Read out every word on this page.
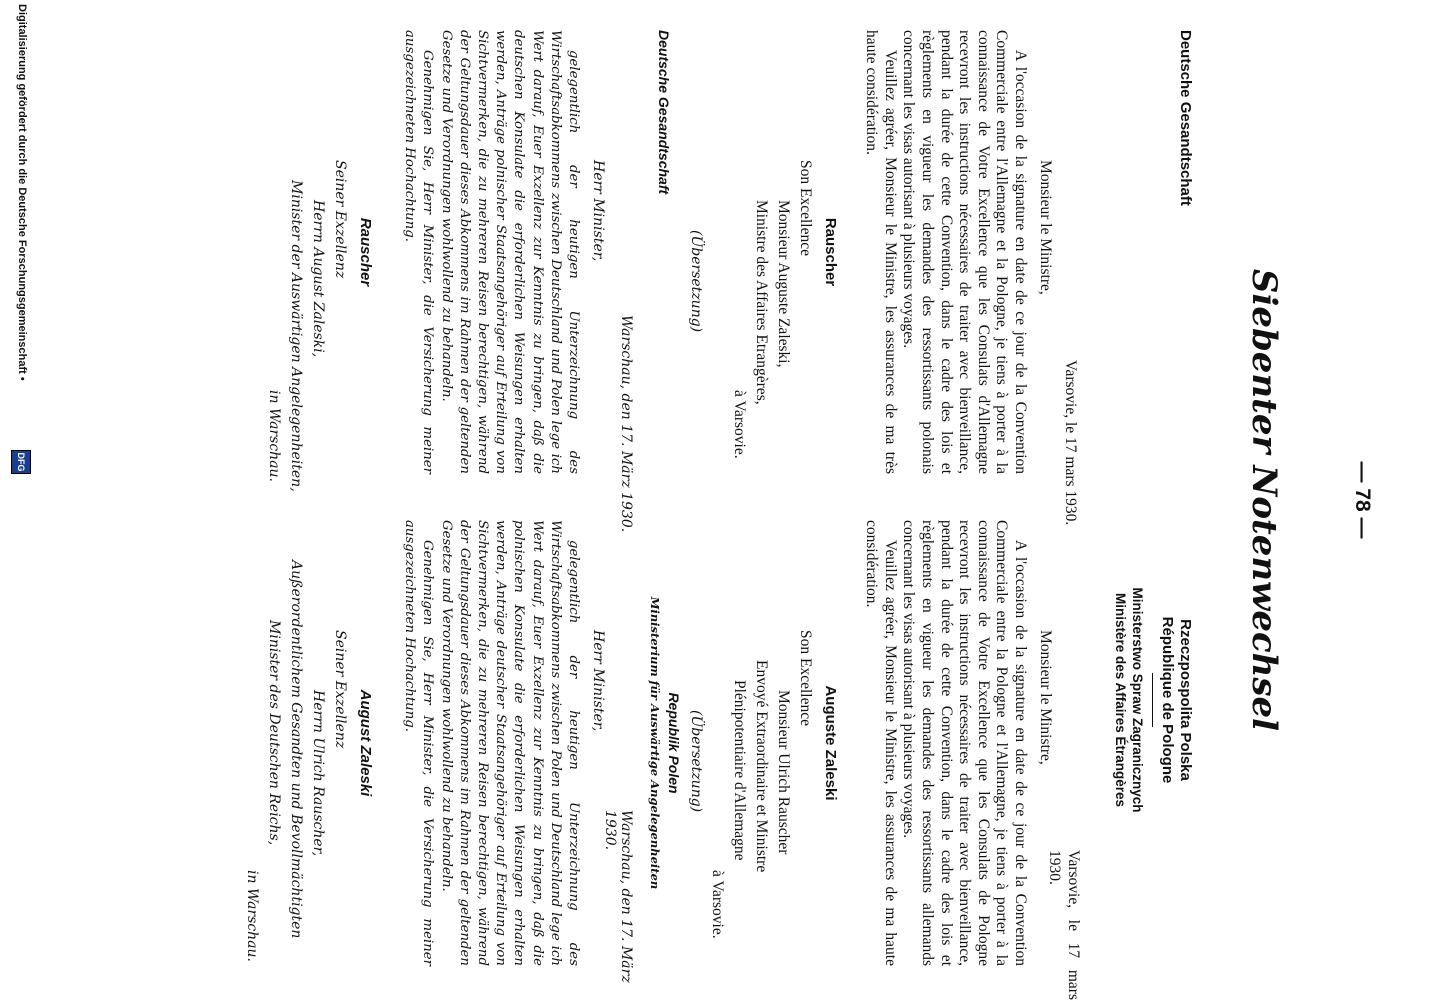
— 78 —
Siebenter Notenwechsel
Deutsche Gesandtschaft
Varsovie, le 17 mars 1930.
Monsieur le Ministre,

A l'occasion de la signature en date de ce jour de la Convention Commerciale entre l'Allemagne et la Pologne, je tiens à porter à la connaissance de Votre Excellence que les Consulats d'Allemagne recevront les instructions nécessaires de traiter avec bienveillance, pendant la durée de cette Convention, dans le cadre des lois et règlements en vigueur les demandes des ressortissants polonais concernant les visas autorisant à plusieurs voyages.

Veuillez agréer, Monsieur le Ministre, les assurances de ma très haute considération.

Rauscher
Son Excellence
Monsieur Auguste Zaleski,
Ministre des Affaires Etrangères,
à Varsovie.
(Übersetzung)
Deutsche Gesandtschaft
Warschau, den 17. März 1930.
Herr Minister,

gelegentlich der heutigen Unterzeichnung des Wirtschaftsabkommens zwischen Deutschland und Polen lege ich Wert darauf, Euer Exzellenz zur Kenntnis zu bringen, daß die deutschen Konsulate die erforderlichen Weisungen erhalten werden, Anträge polnischer Staatsangehöriger auf Erteilung von Sichtvermerken, die zu mehreren Reisen berechtigen, während der Geltungsdauer dieses Abkommens im Rahmen der geltenden Gesetze und Verordnungen wohlwollend zu behandeln.

Genehmigen Sie, Herr Minister, die Versicherung meiner ausgezeichneten Hochachtung.

Rauscher
Seiner Exzellenz
Herrn August Zaleski,
Minister der Auswärtigen Angelegenheiten,
in Warschau.
Rzeczpospolita Polska
République de Pologne
Ministerstwo Spraw Zagranicznych
Ministère des Affaires Étrangères
Varsovie, le 17 mars 1930.
Monsieur le Ministre,

A l'occasion de la signature en date de ce jour de la Convention Commerciale entre la Pologne et l'Allemagne, je tiens à porter à la connaissance de Votre Excellence que les Consulats de Pologne recevront les instructions nécessaires de traiter avec bienveillance, pendant la durée de cette Convention, dans le cadre des lois et règlements en vigueur les demandes des ressortissants allemands concernant les visas autorisant à plusieurs voyages.

Veuillez agréer, Monsieur le Ministre, les assurances de ma haute considération.

Auguste Zaleski
Son Excellence
Monsieur Ulrich Rauscher
Envoyé Extraordinaire et Ministre
Plénipotentiaire d'Allemagne
à Varsovie.
(Übersetzung)
Republik Polen
Ministerium für Auswärtige Angelegenheiten
Warschau, den 17. März 1930.
Herr Minister,

gelegentlich der heutigen Unterzeichnung des Wirtschaftsabkommens zwischen Polen und Deutschland lege ich Wert darauf, Euer Exzellenz zur Kenntnis zu bringen, daß die polnischen Konsulate die erforderlichen Weisungen erhalten werden, Anträge deutscher Staatsangehöriger auf Erteilung von Sichtvermerken, die zu mehreren Reisen berechtigen, während der Geltungsdauer dieses Abkommens im Rahmen der geltenden Gesetze und Verordnungen wohlwollend zu behandeln.

Genehmigen Sie, Herr Minister, die Versicherung meiner ausgezeichneten Hochachtung.

August Zaleski
Seiner Exzellenz
Herrn Ulrich Rauscher,
Außerordentlichem Gesandten und Bevollmächtigten
Minister des Deutschen Reichs,
in Warschau.
Digitalisierung gefördert durch die Deutsche Forschungsgemeinschaft •
DFG
